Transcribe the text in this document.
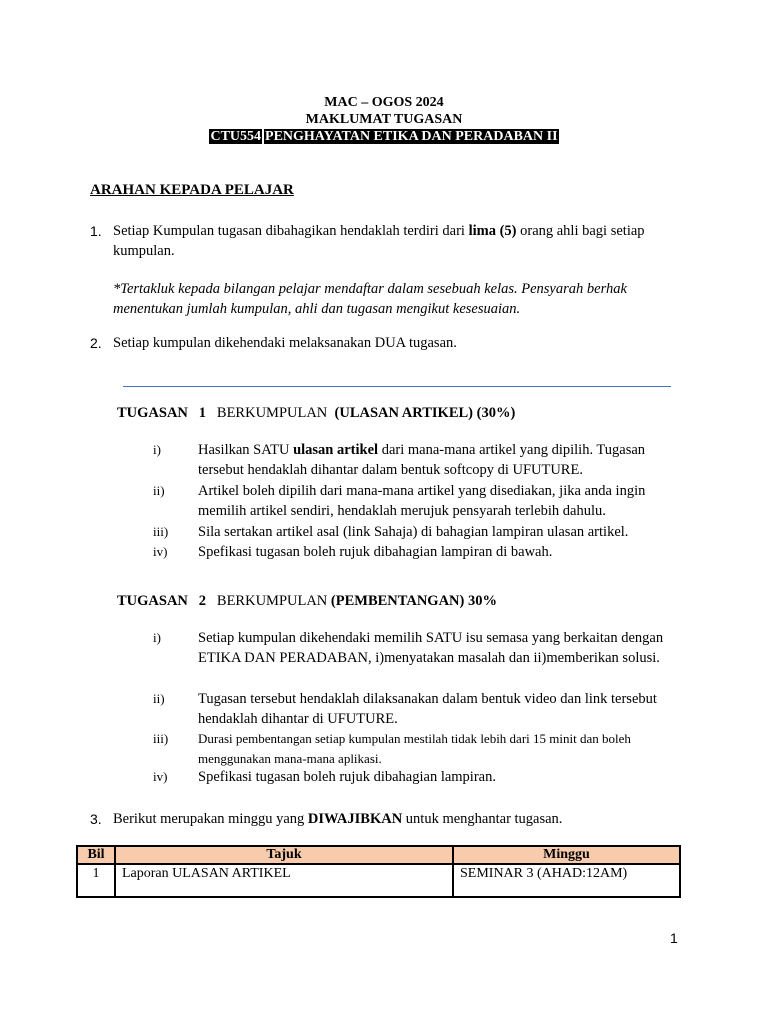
MAC – OGOS 2024
MAKLUMAT TUGASAN
CTU554 PENGHAYATAN ETIKA DAN PERADABAN II
ARAHAN KEPADA PELAJAR
1. Setiap Kumpulan tugasan dibahagikan hendaklah terdiri dari lima (5) orang ahli bagi setiap kumpulan.
*Tertakluk kepada bilangan pelajar mendaftar dalam sesebuah kelas. Pensyarah berhak menentukan jumlah kumpulan, ahli dan tugasan mengikut kesesuaian.
2. Setiap kumpulan dikehendaki melaksanakan DUA tugasan.
TUGASAN 1 BERKUMPULAN (ULASAN ARTIKEL) (30%)
i)	Hasilkan SATU ulasan artikel dari mana-mana artikel yang dipilih. Tugasan tersebut hendaklah dihantar dalam bentuk softcopy di UFUTURE.
ii) Artikel boleh dipilih dari mana-mana artikel yang disediakan, jika anda ingin memilih artikel sendiri, hendaklah merujuk pensyarah terlebih dahulu.
iii) Sila sertakan artikel asal (link Sahaja) di bahagian lampiran ulasan artikel.
iv) Spefikasi tugasan boleh rujuk dibahagian lampiran di bawah.
TUGASAN 2 BERKUMPULAN (PEMBENTANGAN) 30%
i)	Setiap kumpulan dikehendaki memilih SATU isu semasa yang berkaitan dengan ETIKA DAN PERADABAN, i)menyatakan masalah dan ii)memberikan solusi.
ii) Tugasan tersebut hendaklah dilaksanakan dalam bentuk video dan link tersebut hendaklah dihantar di UFUTURE.
iii) Durasi pembentangan setiap kumpulan mestilah tidak lebih dari 15 minit dan boleh menggunakan mana-mana aplikasi.
iv) Spefikasi tugasan boleh rujuk dibahagian lampiran.
3. Berikut merupakan minggu yang DIWAJIBKAN untuk menghantar tugasan.
Bil	Tajuk	Minggu
1	Laporan ULASAN ARTIKEL	SEMINAR 3 (AHAD:12AM)
1
